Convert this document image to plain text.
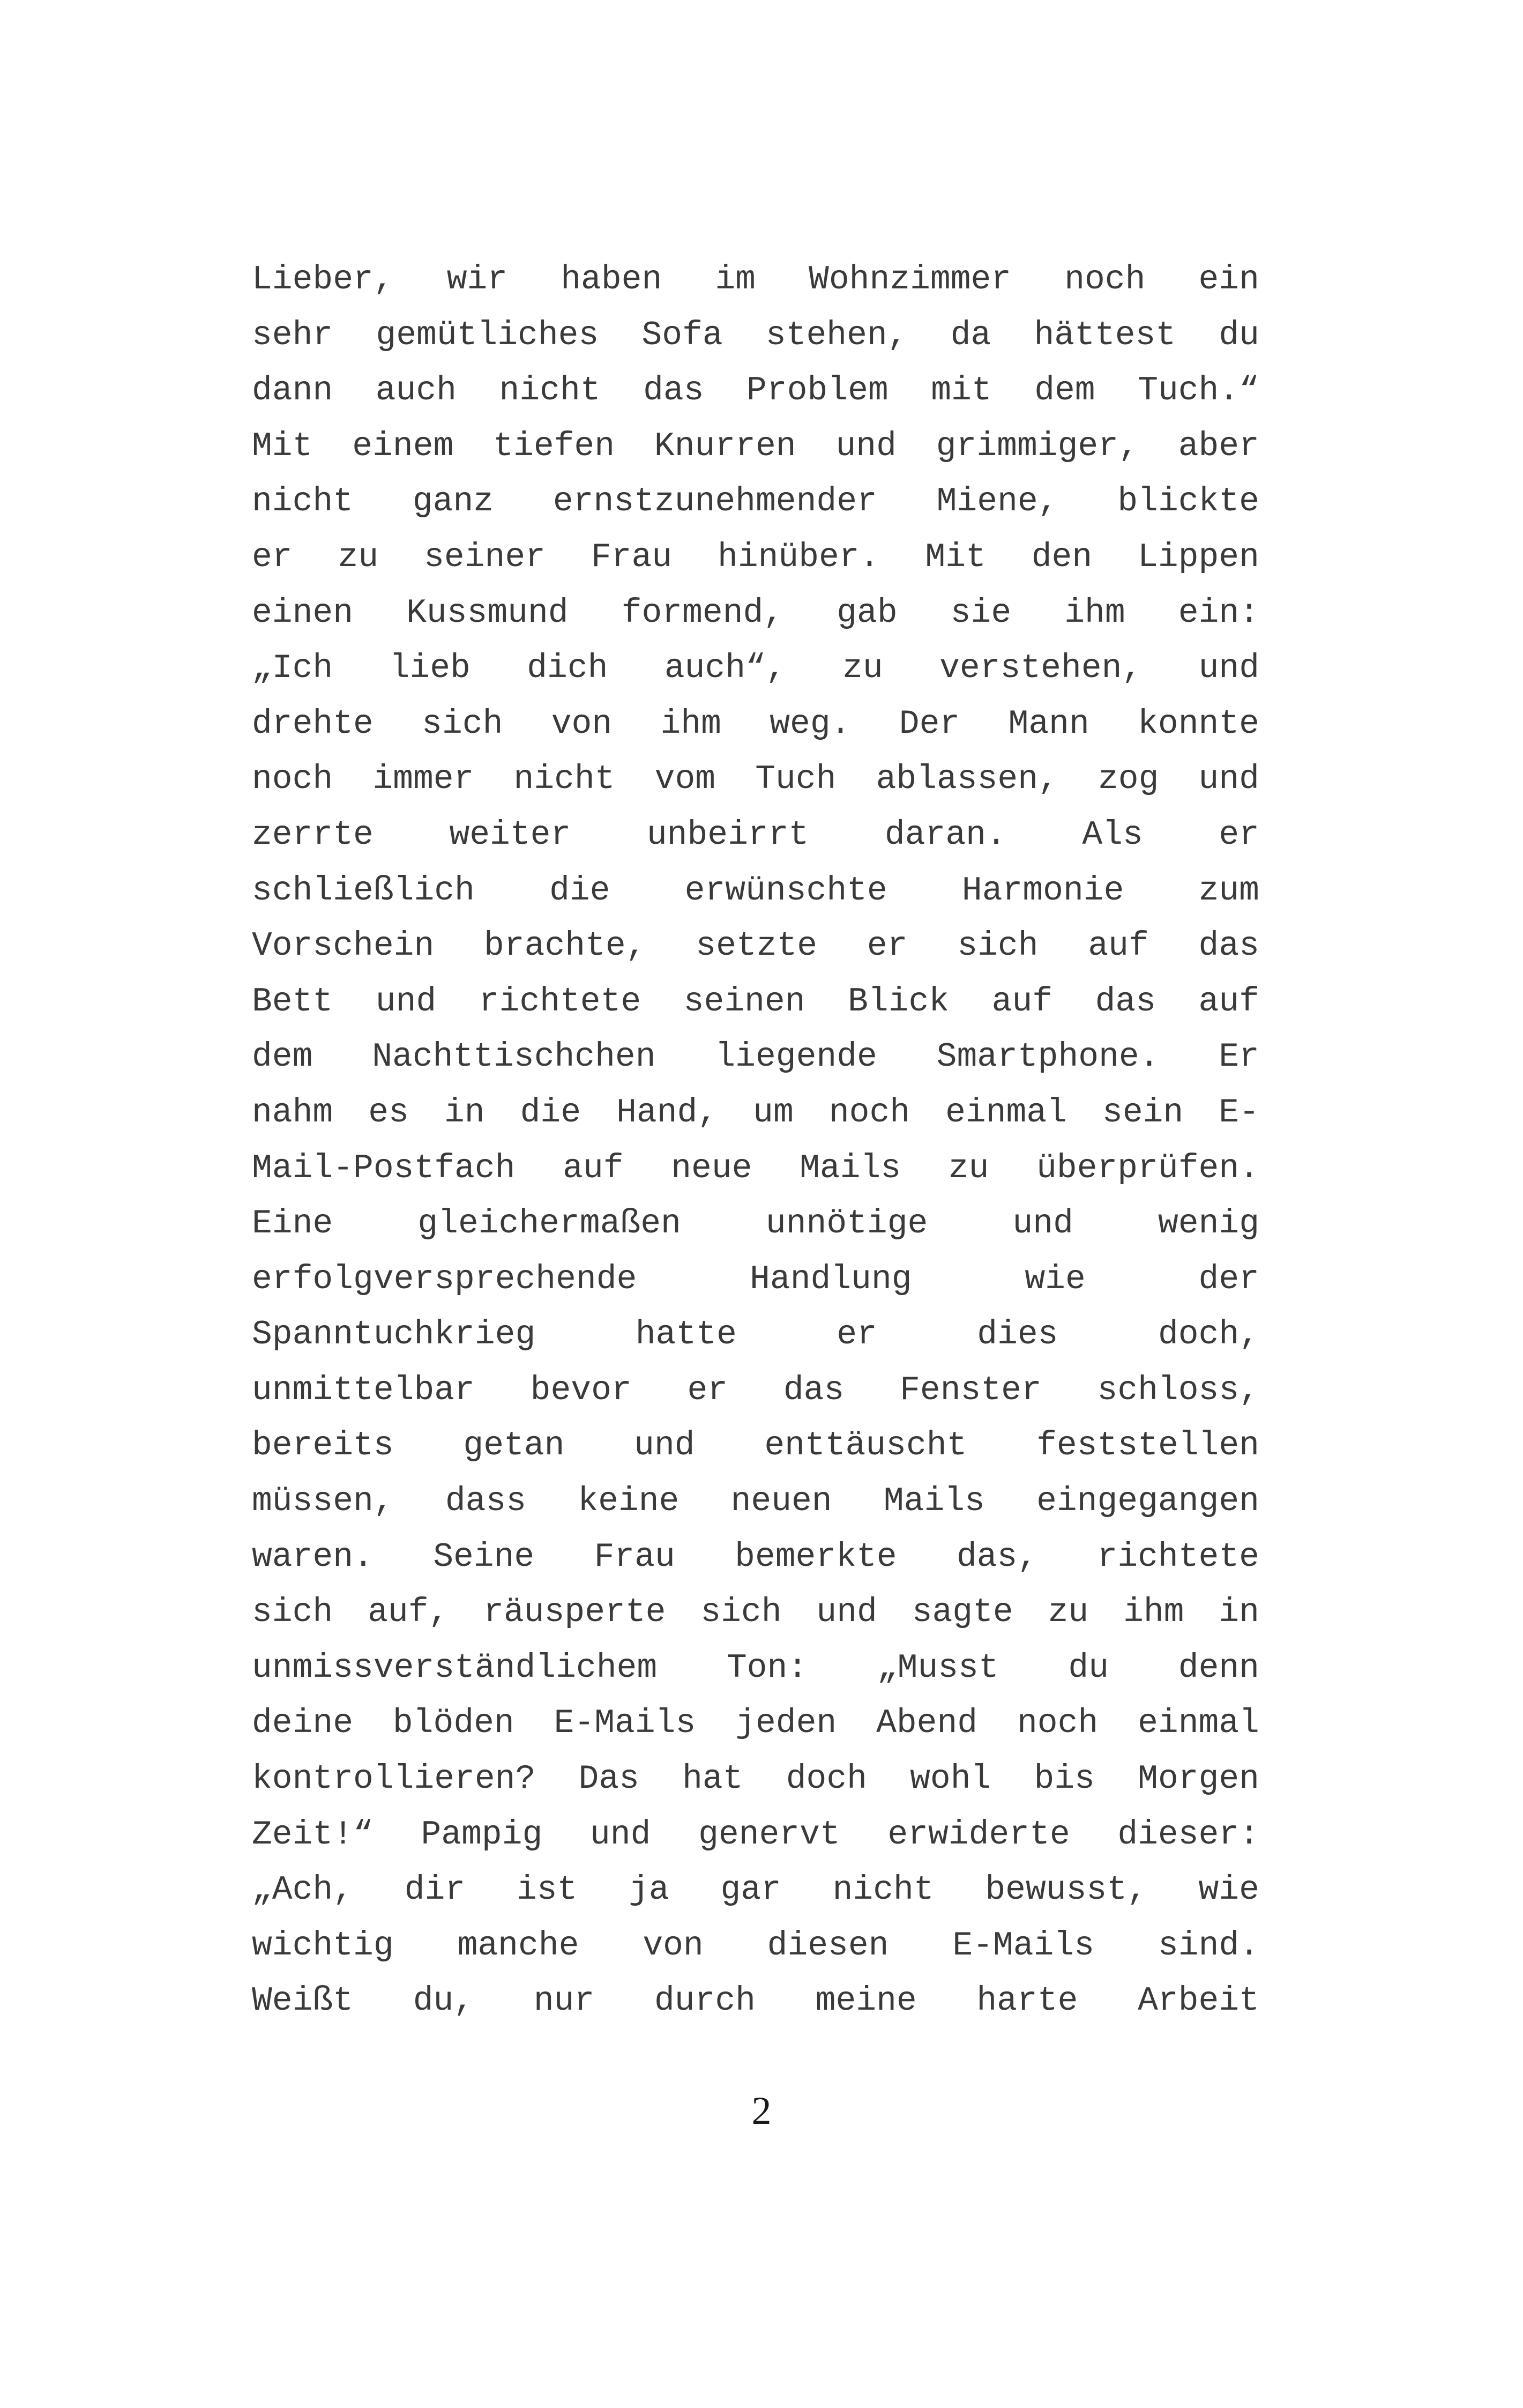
Lieber, wir haben im Wohnzimmer noch ein
sehr gemütliches Sofa stehen, da hättest du
dann auch nicht das Problem mit dem Tuch.“
Mit einem tiefen Knurren und grimmiger, aber
nicht ganz ernstzunehmender Miene, blickte
er zu seiner Frau hinüber. Mit den Lippen
einen Kussmund formend, gab sie ihm ein:
„Ich lieb dich auch“, zu verstehen, und
drehte sich von ihm weg. Der Mann konnte
noch immer nicht vom Tuch ablassen, zog und
zerrte weiter unbeirrt daran. Als er
schließlich die erwünschte Harmonie zum
Vorschein brachte, setzte er sich auf das
Bett und richtete seinen Blick auf das auf
dem Nachttischchen liegende Smartphone. Er
nahm es in die Hand, um noch einmal sein E-
Mail-Postfach auf neue Mails zu überprüfen.
Eine	gleichermaßen	unnötige	und	wenig
erfolgversprechende	Handlung	wie	der
Spanntuchkrieg	hatte	er	dies	doch,
unmittelbar bevor er das Fenster schloss,
bereits getan und enttäuscht feststellen
müssen, dass keine neuen Mails eingegangen
waren. Seine Frau bemerkte das, richtete
sich auf, räusperte sich und sagte zu ihm in
unmissverständlichem Ton: „Musst du denn
deine blöden E-Mails jeden Abend noch einmal
kontrollieren? Das hat doch wohl bis Morgen
Zeit!“ Pampig und genervt erwiderte dieser:
„Ach, dir ist ja gar nicht bewusst, wie
wichtig manche von diesen E-Mails sind.
Weißt du, nur durch meine harte Arbeit
2
